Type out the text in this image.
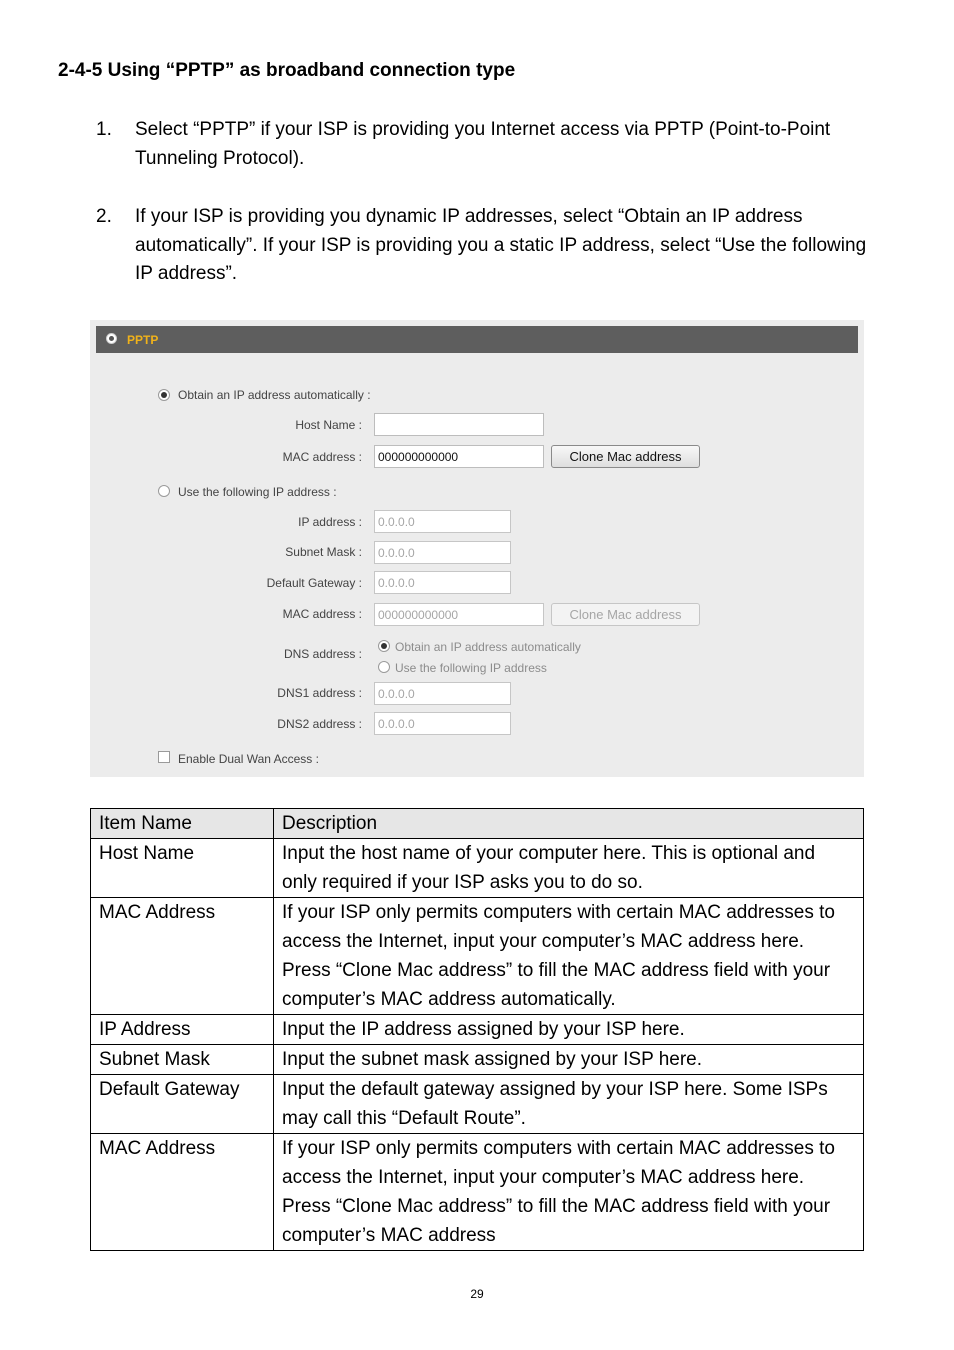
2-4-5 Using “PPTP” as broadband connection type
1. Select “PPTP” if your ISP is providing you Internet access via PPTP (Point-to-Point Tunneling Protocol).
2. If your ISP is providing you dynamic IP addresses, select “Obtain an IP address automatically”. If your ISP is providing you a static IP address, select “Use the following IP address”.
PPTP
Obtain an IP address automatically :
Host Name :
MAC address :	000000000000	Clone Mac address
Use the following IP address :
IP address :	0.0.0.0
Subnet Mask :	0.0.0.0
Default Gateway :	0.0.0.0
MAC address :	000000000000	Clone Mac address
DNS address :	Obtain an IP address automatically
Use the following IP address
DNS1 address :	0.0.0.0
DNS2 address :	0.0.0.0
Enable Dual Wan Access :
Item Name	Description
Host Name	Input the host name of your computer here. This is optional and only required if your ISP asks you to do so.
MAC Address	If your ISP only permits computers with certain MAC addresses to access the Internet, input your computer’s MAC address here. Press “Clone Mac address” to fill the MAC address field with your computer’s MAC address automatically.
IP Address	Input the IP address assigned by your ISP here.
Subnet Mask	Input the subnet mask assigned by your ISP here.
Default Gateway	Input the default gateway assigned by your ISP here. Some ISPs may call this “Default Route”.
MAC Address	If your ISP only permits computers with certain MAC addresses to access the Internet, input your computer’s MAC address here. Press “Clone Mac address” to fill the MAC address field with your computer’s MAC address
29
